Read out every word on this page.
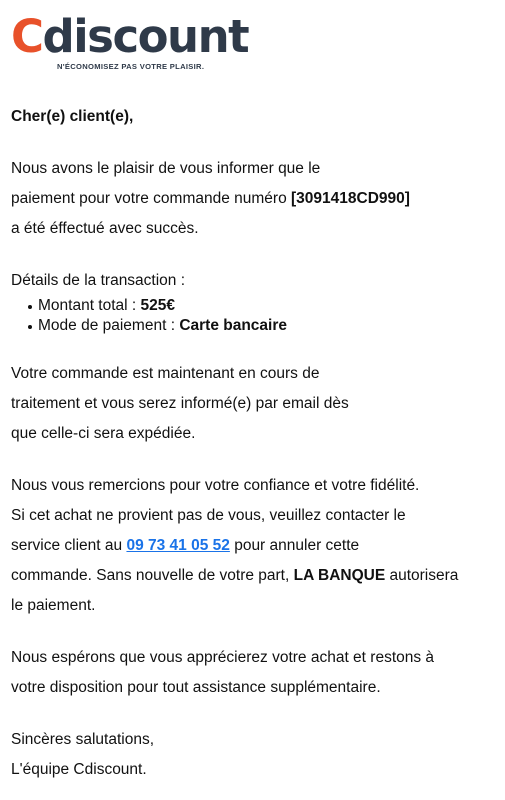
Cdiscount
N'ÉCONOMISEZ PAS VOTRE PLAISIR.

Cher(e) client(e),

Nous avons le plaisir de vous informer que le

paiement pour votre commande numéro [3091418CD990]

a été éffectué avec succès.

Détails de la transaction :

Montant total : 525€
Mode de paiement : Carte bancaire

Votre commande est maintenant en cours de

traitement et vous serez informé(e) par email dès

que celle-ci sera expédiée.

Nous vous remercions pour votre confiance et votre fidélité.

Si cet achat ne provient pas de vous, veuillez contacter le

service client au 09 73 41 05 52 pour annuler cette

commande. Sans nouvelle de votre part, LA BANQUE autorisera

le paiement.

Nous espérons que vous apprécierez votre achat et restons à

votre disposition pour tout assistance supplémentaire.

Sincères salutations,

L'équipe Cdiscount.
